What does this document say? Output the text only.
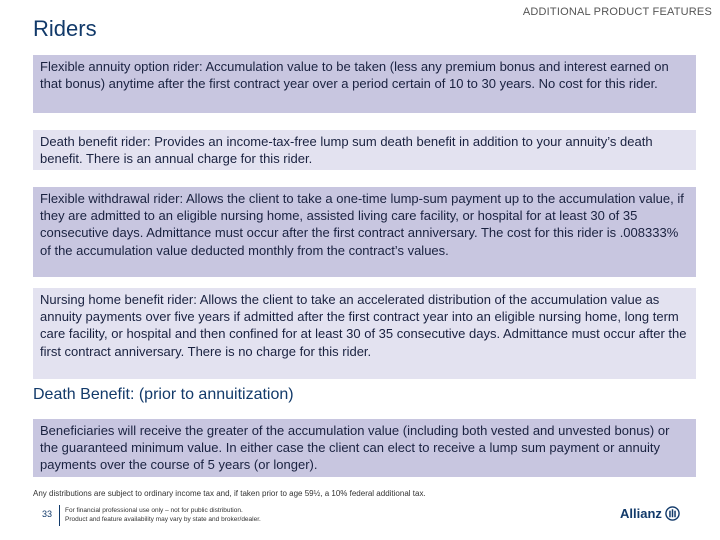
Riders
ADDITIONAL PRODUCT FEATURES
Flexible annuity option rider: Accumulation value to be taken (less any premium bonus and interest earned on that bonus) anytime after the first contract year over a period certain of 10 to 30 years. No cost for this rider.
Death benefit rider: Provides an income-tax-free lump sum death benefit in addition to your annuity’s death benefit. There is an annual charge for this rider.
Flexible withdrawal rider: Allows the client to take a one-time lump-sum payment up to the accumulation value, if they are admitted to an eligible nursing home, assisted living care facility, or hospital for at least 30 of 35 consecutive days. Admittance must occur after the first contract anniversary. The cost for this rider is .008333% of the accumulation value deducted monthly from the contract’s values.
Nursing home benefit rider: Allows the client to take an accelerated distribution of the accumulation value as annuity payments over five years if admitted after the first contract year into an eligible nursing home, long term care facility, or hospital and then confined for at least 30 of 35 consecutive days. Admittance must occur after the first contract anniversary. There is no charge for this rider.
Death Benefit: (prior to annuitization)
Beneficiaries will receive the greater of the accumulation value (including both vested and unvested bonus) or the guaranteed minimum value. In either case the client can elect to receive a lump sum payment or annuity payments over the course of 5 years (or longer).
Any distributions are subject to ordinary income tax and, if taken prior to age 59½, a 10% federal additional tax.
33 For financial professional use only – not for public distribution.
Product and feature availability may vary by state and broker/dealer.	Allianz
